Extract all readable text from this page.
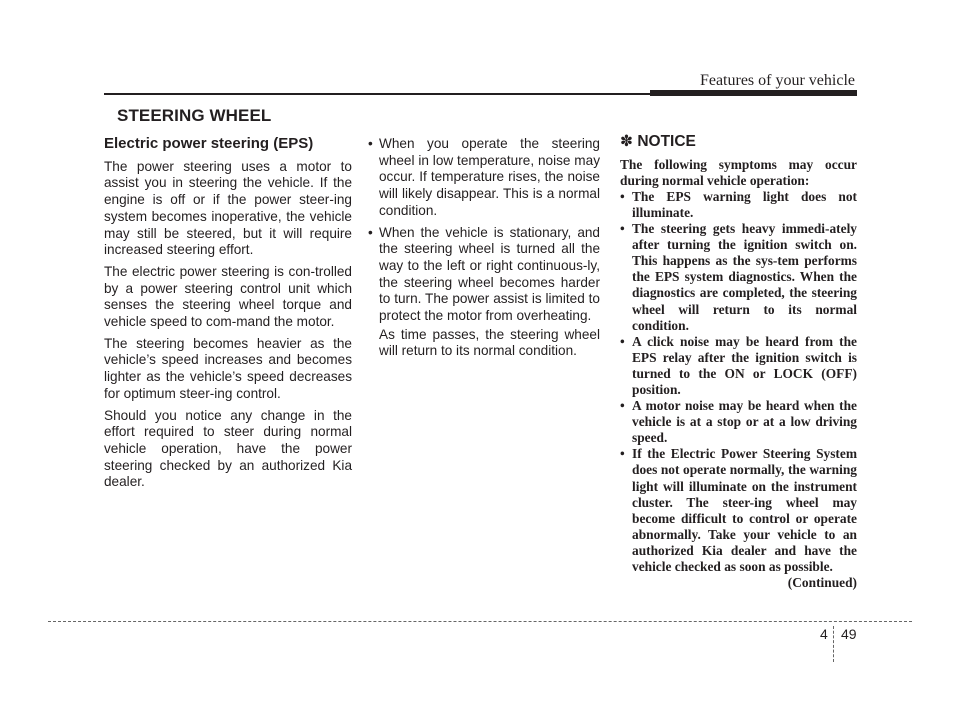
Features of your vehicle
STEERING WHEEL
Electric power steering (EPS)

The power steering uses a motor to assist you in steering the vehicle. If the engine is off or if the power steer-ing system becomes inoperative, the vehicle may still be steered, but it will require increased steering effort.

The electric power steering is con-trolled by a power steering control unit which senses the steering wheel torque and vehicle speed to com-mand the motor.

The steering becomes heavier as the vehicle’s speed increases and becomes lighter as the vehicle’s speed decreases for optimum steer-ing control.

Should you notice any change in the effort required to steer during normal vehicle operation, have the power steering checked by an authorized Kia dealer.

• When you operate the steering wheel in low temperature, noise may occur. If temperature rises, the noise will likely disappear. This is a normal condition.
• When the vehicle is stationary, and the steering wheel is turned all the way to the left or right continuous-ly, the steering wheel becomes harder to turn. The power assist is limited to protect the motor from overheating.
As time passes, the steering wheel will return to its normal condition.
✽ NOTICE

The following symptoms may occur during normal vehicle operation:

• The EPS warning light does not illuminate.
• The steering gets heavy immedi-ately after turning the ignition switch on. This happens as the sys-tem performs the EPS system diagnostics. When the diagnostics are completed, the steering wheel will return to its normal condition.
• A click noise may be heard from the EPS relay after the ignition switch is turned to the ON or LOCK (OFF) position.
• A motor noise may be heard when the vehicle is at a stop or at a low driving speed.
• If the Electric Power Steering System does not operate normally, the warning light will illuminate on the instrument cluster. The steer-ing wheel may become difficult to control or operate abnormally. Take your vehicle to an authorized Kia dealer and have the vehicle checked as soon as possible.
(Continued)
4 49
